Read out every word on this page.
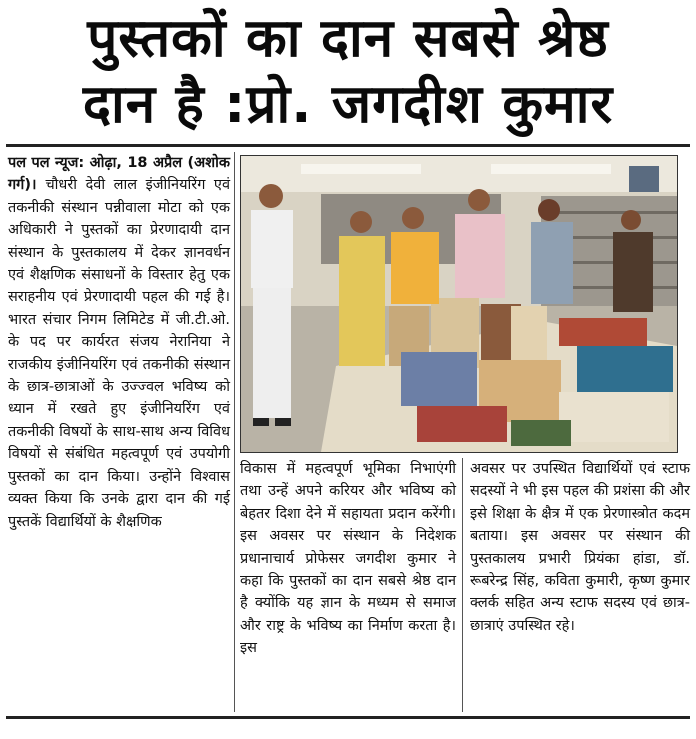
पुस्तकों का दान सबसे श्रेष्ठ
दान है :प्रो. जगदीश कुमार
पल पल न्यूज: ओढ़ा, 18 अप्रैल (अशोक गर्ग)। चौधरी देवी लाल इंजीनियरिंग एवं तकनीकी संस्थान पन्नीवाला मोटा को एक अधिकारी ने पुस्तकों का प्रेरणादायी दान संस्थान के पुस्तकालय में देकर ज्ञानवर्धन एवं शैक्षणिक संसाधनों के विस्तार हेतु एक सराहनीय एवं प्रेरणादायी पहल की गई है। भारत संचार निगम लिमिटेड में जी.टी.ओ. के पद पर कार्यरत संजय नेरानिया ने राजकीय इंजीनियरिंग एवं तकनीकी संस्थान के छात्र-छात्राओं के उज्ज्वल भविष्य को ध्यान में रखते हुए इंजीनियरिंग एवं तकनीकी विषयों के साथ-साथ अन्य विविध विषयों से संबंधित महत्वपूर्ण एवं उपयोगी पुस्तकों का दान किया। उन्होंने विश्वास व्यक्त किया कि उनके द्वारा दान की गई पुस्तकें विद्यार्थियों के शैक्षणिक
विकास में महत्वपूर्ण भूमिका निभाएंगी तथा उन्हें अपने करियर और भविष्य को बेहतर दिशा देने में सहायता प्रदान करेंगी। इस अवसर पर संस्थान के निदेशक प्रधानाचार्य प्रोफेसर जगदीश कुमार ने कहा कि पुस्तकों का दान सबसे श्रेष्ठ दान है क्योंकि यह ज्ञान के मध्यम से समाज और राष्ट्र के भविष्य का निर्माण करता है। इस
अवसर पर उपस्थित विद्यार्थियों एवं स्टाफ सदस्यों ने भी इस पहल की प्रशंसा की और इसे शिक्षा के क्षैत्र में एक प्रेरणास्त्रोत कदम बताया। इस अवसर पर संस्थान की पुस्तकालय प्रभारी प्रियंका हांडा, डॉ. रूबरेन्द्र सिंह, कविता कुमारी, कृष्ण कुमार क्लर्क सहित अन्य स्टाफ सदस्य एवं छात्र-छात्राएं उपस्थित रहे।
